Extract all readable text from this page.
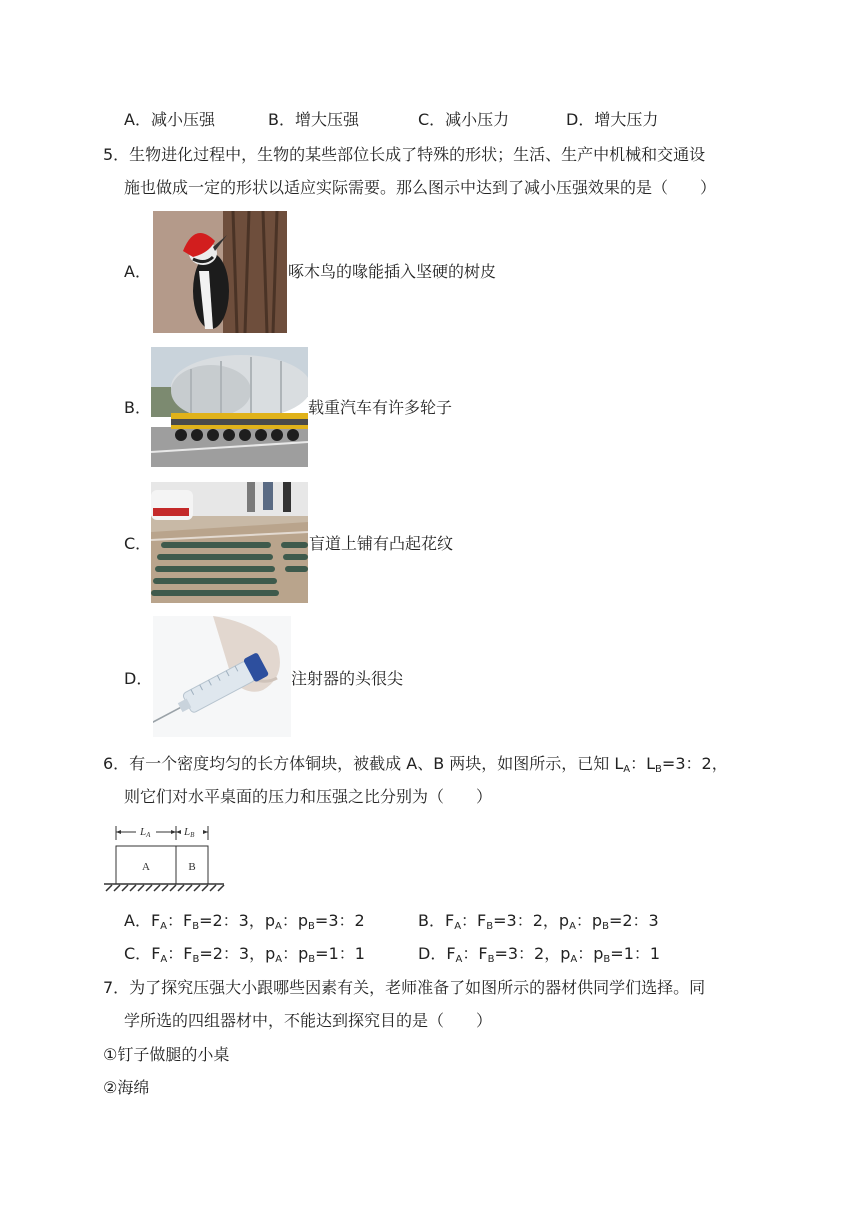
A．减小压强	B．增大压强	C．减小压力	D．增大压力
5．生物进化过程中，生物的某些部位长成了特殊的形状；生活、生产中机械和交通设
施也做成一定的形状以适应实际需要。那么图示中达到了减小压强效果的是（　　）
A．	啄木鸟的喙能插入坚硬的树皮
B．	载重汽车有许多轮子
C．	盲道上铺有凸起花纹
D．	注射器的头很尖
6．有一个密度均匀的长方体铜块，被截成 A、B 两块，如图所示，已知 $L_A$：$L_B=3$：2，
则它们对水平桌面的压力和压强之比分别为（　　）
LA	LB
A	B
A．$F_A$：$F_B=2$：3，$p_A$：$p_B=3$：2	B．$F_A$：$F_B=3$：2，$p_A$：$p_B=2$：3
C．$F_A$：$F_B=2$：3，$p_A$：$p_B=1$：1	D．$F_A$：$F_B=3$：2，$p_A$：$p_B=1$：1
7．为了探究压强大小跟哪些因素有关，老师准备了如图所示的器材供同学们选择。同
学所选的四组器材中，不能达到探究目的是（　　）
①钉子做腿的小桌
②海绵
